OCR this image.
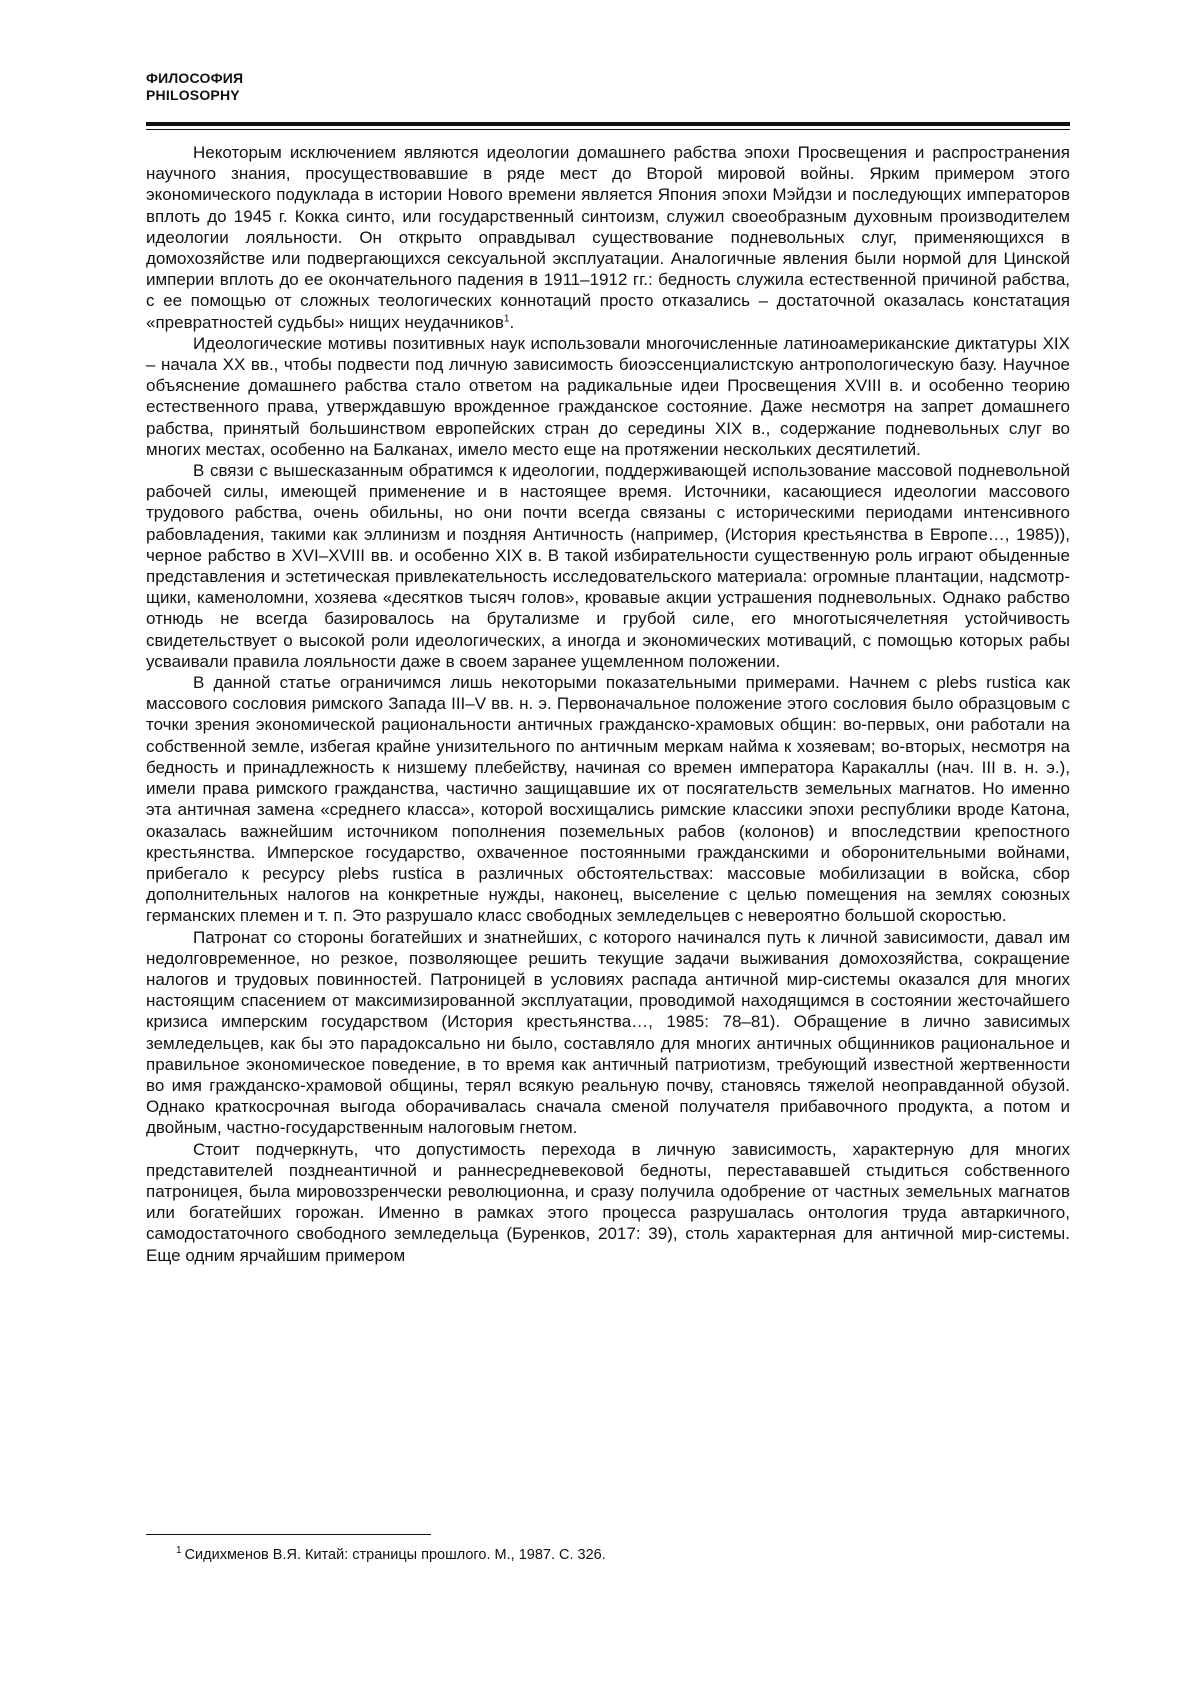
ФИЛОСОФИЯ
PHILOSOPHY

Некоторым исключением являются идеологии домашнего рабства эпохи Просвещения и распространения научного знания, просуществовавшие в ряде мест до Второй мировой войны. Ярким примером этого экономического подуклада в истории Нового времени является Япония эпохи Мэйдзи и последующих императоров вплоть до 1945 г. Кокка синто, или государственный синтоизм, служил своеобразным духовным производителем идеологии лояльности. Он открыто оправдывал существование подневольных слуг, применяющихся в домохозяйстве или подвергающихся сексуальной эксплуатации. Аналогичные явления были нормой для Цинской империи вплоть до ее окончательного падения в 1911–1912 гг.: бедность служила естественной причиной рабства, с ее помощью от сложных теологических коннотаций просто отказались – достаточной оказалась констатация «превратностей судьбы» нищих неудачников$^1$.

Идеологические мотивы позитивных наук использовали многочисленные латиноамериканские диктатуры XIX – начала XX вв., чтобы подвести под личную зависимость биоэссенциалистскую антропологическую базу. Научное объяснение домашнего рабства стало ответом на радикальные идеи Просвещения XVIII в. и особенно теорию естественного права, утверждавшую врожденное гражданское состояние. Даже несмотря на запрет домашнего рабства, принятый большинством европейских стран до середины XIX в., содержание подневольных слуг во многих местах, особенно на Балканах, имело место еще на протяжении нескольких десятилетий.

В связи с вышесказанным обратимся к идеологии, поддерживающей использование массовой подневольной рабочей силы, имеющей применение и в настоящее время. Источники, касающиеся идеологии массового трудового рабства, очень обильны, но они почти всегда связаны с историческими периодами интенсивного рабовладения, такими как эллинизм и поздняя Античность (например, (История крестьянства в Европе…, 1985)), черное рабство в XVI–XVIII вв. и особенно XIX в. В такой избирательности существенную роль играют обыденные представления и эстетическая привлекательность исследовательского материала: огромные плантации, надсмотрщики, каменоломни, хозяева «десятков тысяч голов», кровавые акции устрашения подневольных. Однако рабство отнюдь не всегда базировалось на брутализме и грубой силе, его многотысячелетняя устойчивость свидетельствует о высокой роли идеологических, а иногда и экономических мотиваций, с помощью которых рабы усваивали правила лояльности даже в своем заранее ущемленном положении.

В данной статье ограничимся лишь некоторыми показательными примерами. Начнем с plebs rustica как массового сословия римского Запада III–V вв. н. э. Первоначальное положение этого сословия было образцовым с точки зрения экономической рациональности античных гражданско-храмовых общин: во-первых, они работали на собственной земле, избегая крайне унизительного по античным меркам найма к хозяевам; во-вторых, несмотря на бедность и принадлежность к низшему плебейству, начиная со времен императора Каракаллы (нач. III в. н. э.), имели права римского гражданства, частично защищавшие их от посягательств земельных магнатов. Но именно эта античная замена «среднего класса», которой восхищались римские классики эпохи республики вроде Катона, оказалась важнейшим источником пополнения поземельных рабов (колонов) и впоследствии крепостного крестьянства. Имперское государство, охваченное постоянными гражданскими и оборонительными войнами, прибегало к ресурсу plebs rustica в различных обстоятельствах: массовые мобилизации в войска, сбор дополнительных налогов на конкретные нужды, наконец, выселение с целью помещения на землях союзных германских племен и т. п. Это разрушало класс свободных земледельцев с невероятно большой скоростью.

Патронат со стороны богатейших и знатнейших, с которого начинался путь к личной зависимости, давал им недолговременное, но резкое, позволяющее решить текущие задачи выживания домохозяйства, сокращение налогов и трудовых повинностей. Патроницей в условиях распада античной мир-системы оказался для многих настоящим спасением от максимизированной эксплуатации, проводимой находящимся в состоянии жесточайшего кризиса имперским государством (История крестьянства…, 1985: 78–81). Обращение в лично зависимых земледельцев, как бы это парадоксально ни было, составляло для многих античных общинников рациональное и правильное экономическое поведение, в то время как античный патриотизм, требующий известной жертвенности во имя гражданско-храмовой общины, терял всякую реальную почву, становясь тяжелой неоправданной обузой. Однако краткосрочная выгода оборачивалась сначала сменой получателя прибавочного продукта, а потом и двойным, частно-государственным налоговым гнетом.

Стоит подчеркнуть, что допустимость перехода в личную зависимость, характерную для многих представителей позднеантичной и раннесредневековой бедноты, перестававшей стыдиться собственного патроницея, была мировоззренчески революционна, и сразу получила одобрение от частных земельных магнатов или богатейших горожан. Именно в рамках этого процесса разрушалась онтология труда автаркичного, самодостаточного свободного земледельца (Буренков, 2017: 39), столь характерная для античной мир-системы. Еще одним ярчайшим примером

$^1$ Сидихменов В.Я. Китай: страницы прошлого. М., 1987. С. 326.
